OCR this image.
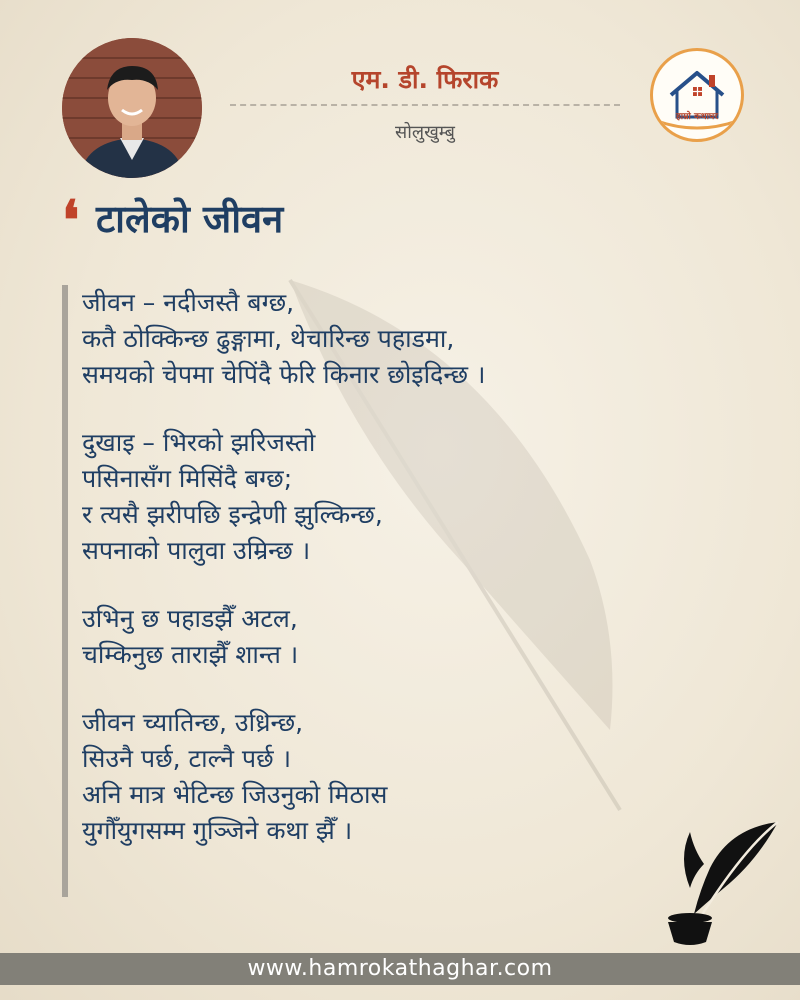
एम. डी. फिराक
सोलुखुम्बु
हाम्रो कथाघर
❛ टालेको जीवन
जीवन – नदीजस्तै बग्छ,
कतै ठोक्किन्छ ढुङ्गामा, थेचारिन्छ पहाडमा,
समयको चेपमा चेपिंदै फेरि किनार छोइदिन्छ ।
दुखाइ – भिरको झरिजस्तो
पसिनासँग मिसिंदै बग्छ;
र त्यसै झरीपछि इन्द्रेणी झुल्किन्छ,
सपनाको पालुवा उम्रिन्छ ।
उभिनु छ पहाडझैँ अटल,
चम्किनुछ ताराझैँ शान्त ।
जीवन च्यातिन्छ, उध्रिन्छ,
सिउनै पर्छ, टाल्नै पर्छ ।
अनि मात्र भेटिन्छ जिउनुको मिठास
युगौँयुगसम्म गुञ्जिने कथा झैँ ।
www.hamrokathaghar.com
